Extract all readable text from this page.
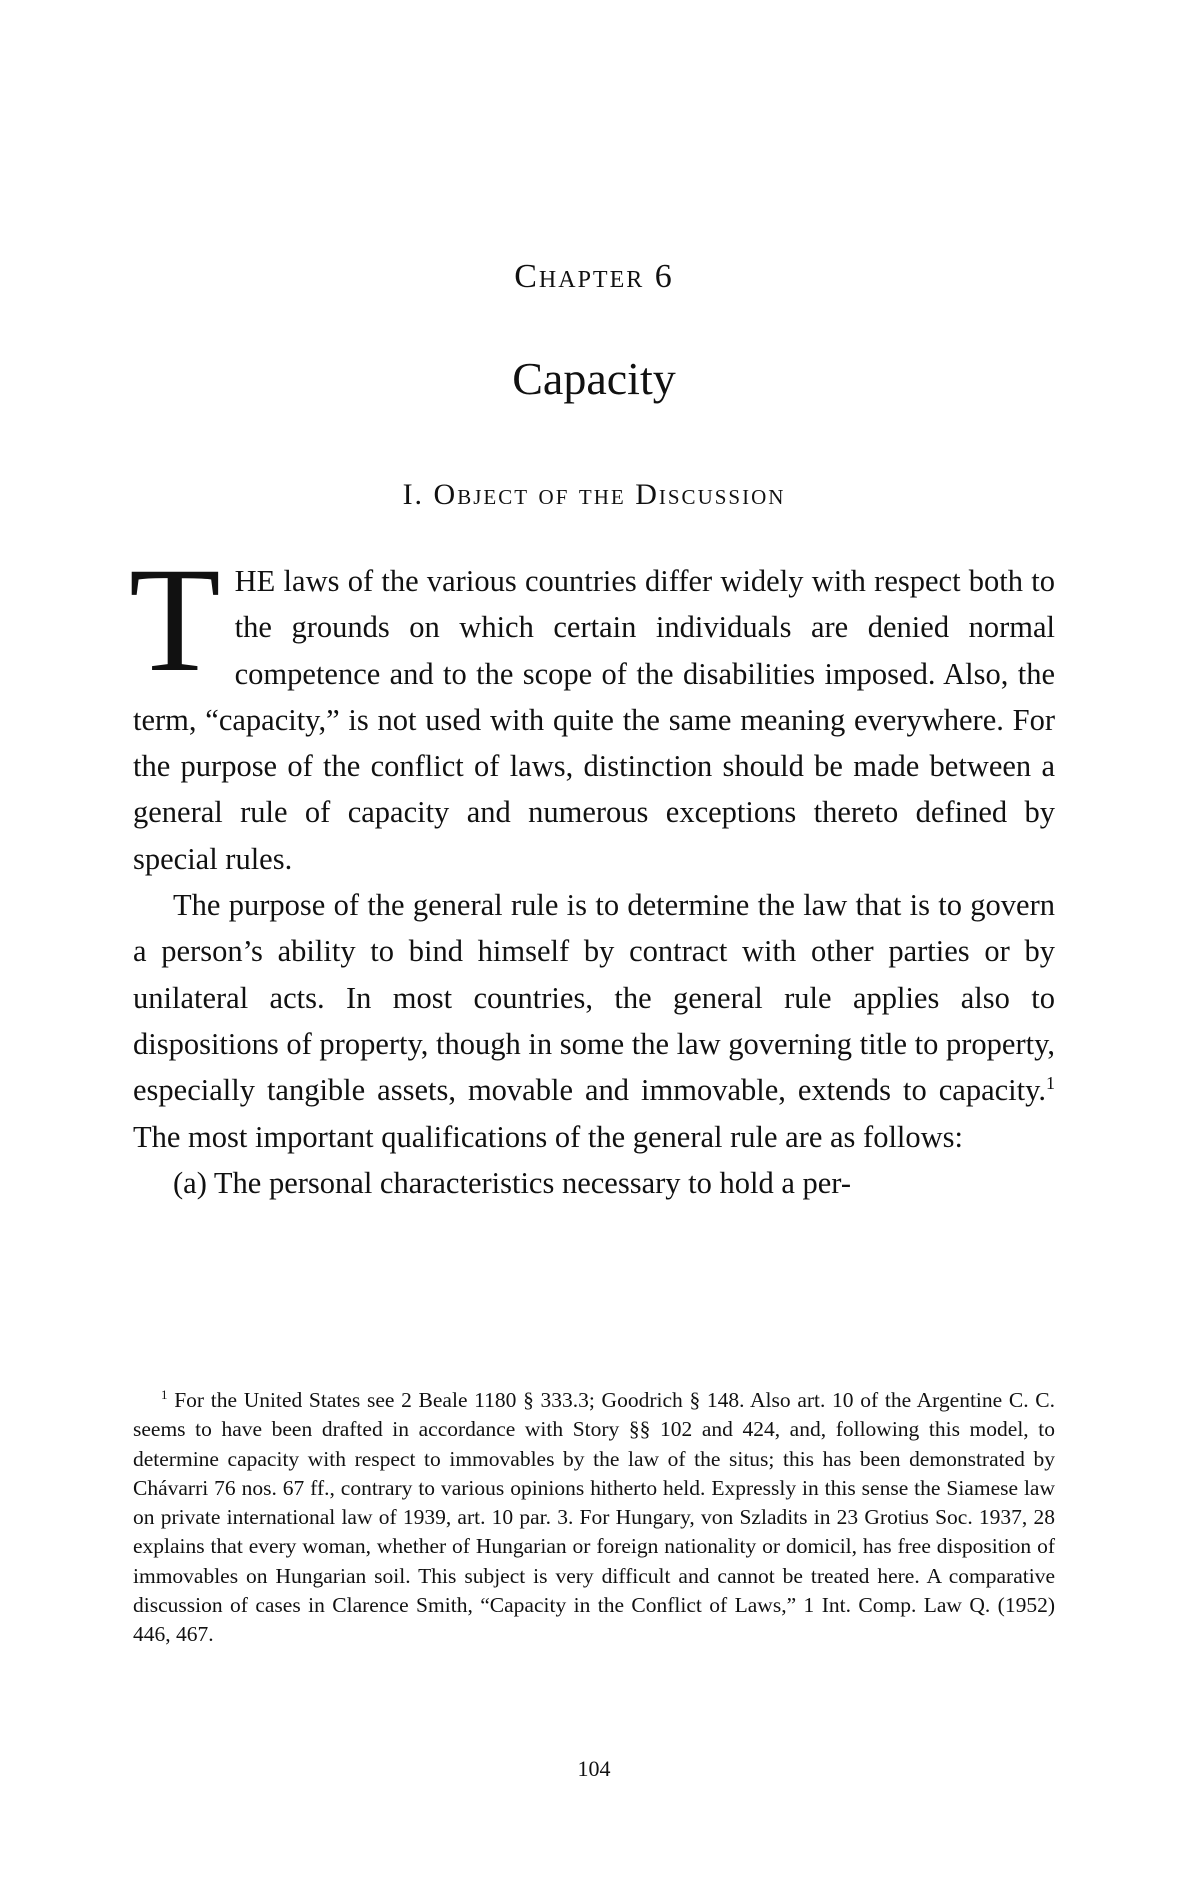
Chapter 6
Capacity
I. Object of the Discussion

THE laws of the various countries differ widely with respect both to the grounds on which certain individuals are denied normal competence and to the scope of the disabilities imposed. Also, the term, “capacity,” is not used with quite the same meaning everywhere. For the purpose of the conflict of laws, distinction should be made between a general rule of capacity and numerous exceptions thereto defined by special rules.

The purpose of the general rule is to determine the law that is to govern a person’s ability to bind himself by contract with other parties or by unilateral acts. In most countries, the general rule applies also to dispositions of property, though in some the law governing title to property, especially tangible assets, movable and immovable, extends to capacity.$^1$ The most important qualifications of the general rule are as follows:

(a) The personal characteristics necessary to hold a per-

$^1$ For the United States see 2 Beale 1180 § 333.3; Goodrich § 148. Also art. 10 of the Argentine C. C. seems to have been drafted in accordance with Story §§ 102 and 424, and, following this model, to determine capacity with respect to immovables by the law of the situs; this has been demonstrated by Chávarri 76 nos. 67 ff., contrary to various opinions hitherto held. Expressly in this sense the Siamese law on private international law of 1939, art. 10 par. 3. For Hungary, von Szladits in 23 Grotius Soc. 1937, 28 explains that every woman, whether of Hungarian or foreign nationality or domicil, has free disposition of immovables on Hungarian soil. This subject is very difficult and cannot be treated here. A comparative discussion of cases in Clarence Smith, “Capacity in the Conflict of Laws,” 1 Int. Comp. Law Q. (1952) 446, 467.

104
